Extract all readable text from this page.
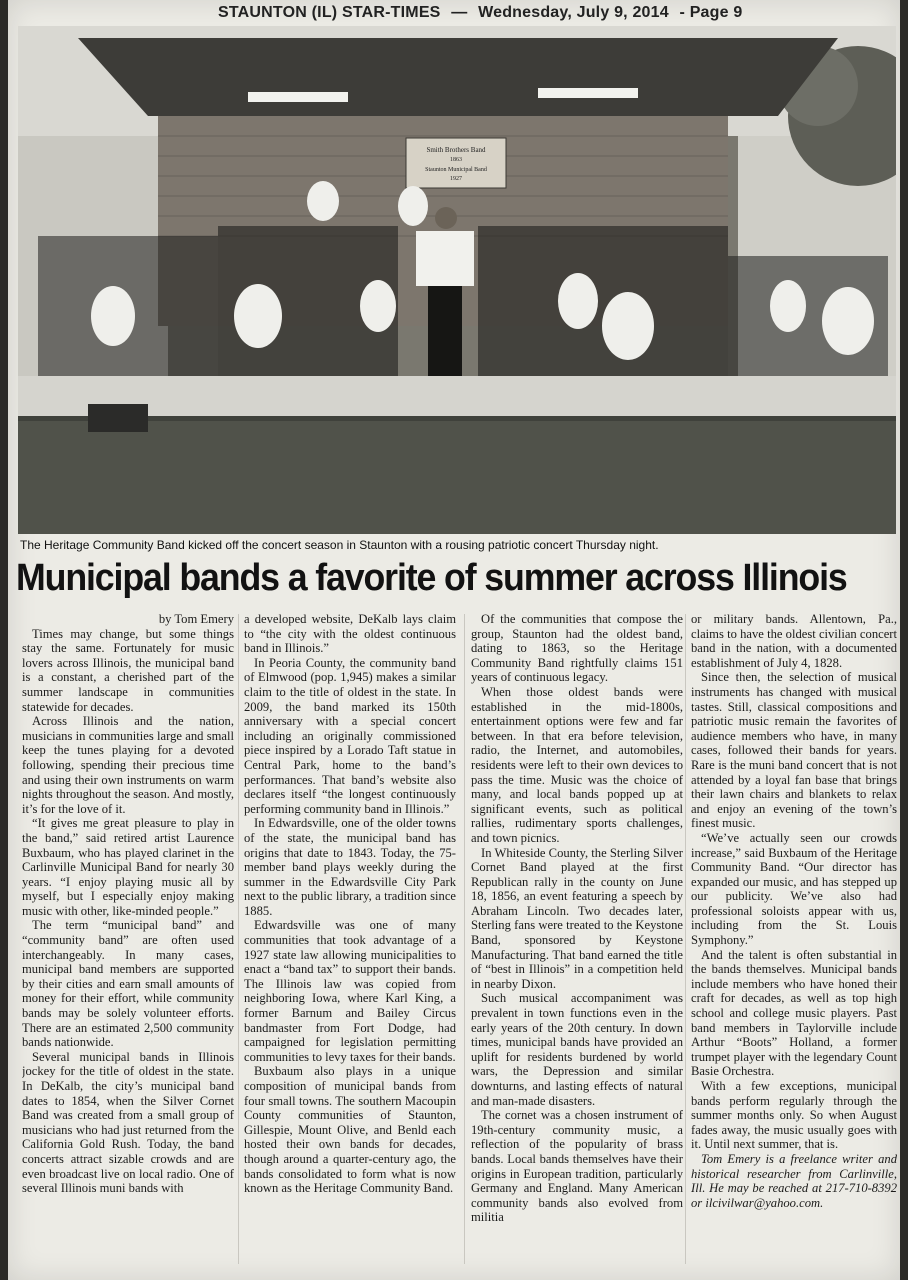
STAUNTON (IL) STAR-TIMES — Wednesday, July 9, 2014 - Page 9
Smith Brothers Band
1863
Staunton Municipal Band
1927
The Heritage Community Band kicked off the concert season in Staunton with a rousing patriotic concert Thursday night.
Municipal bands a favorite of summer across Illinois

by Tom Emery

Times may change, but some things stay the same. Fortunately for music lovers across Illinois, the municipal band is a constant, a cherished part of the summer landscape in communities statewide for decades.

Across Illinois and the nation, musicians in communities large and small keep the tunes playing for a devoted following, spending their precious time and using their own instruments on warm nights throughout the season. And mostly, it’s for the love of it.

“It gives me great pleasure to play in the band,” said retired artist Laurence Buxbaum, who has played clarinet in the Carlinville Municipal Band for nearly 30 years. “I enjoy playing music all by myself, but I especially enjoy making music with other, like-minded people.”

The term “municipal band” and “community band” are often used interchangeably. In many cases, municipal band members are supported by their cities and earn small amounts of money for their effort, while community bands may be solely volunteer efforts. There are an estimated 2,500 community bands nationwide.

Several municipal bands in Illinois jockey for the title of oldest in the state. In DeKalb, the city’s municipal band dates to 1854, when the Silver Cornet Band was created from a small group of musicians who had just returned from the California Gold Rush. Today, the band concerts attract sizable crowds and are even broadcast live on local radio. One of several Illinois muni bands with

a developed website, DeKalb lays claim to “the city with the oldest continuous band in Illinois.”

In Peoria County, the community band of Elmwood (pop. 1,945) makes a similar claim to the title of oldest in the state. In 2009, the band marked its 150th anniversary with a special concert including an originally commissioned piece inspired by a Lorado Taft statue in Central Park, home to the band’s performances. That band’s website also declares itself “the longest continuously performing community band in Illinois.”

In Edwardsville, one of the older towns of the state, the municipal band has origins that date to 1843. Today, the 75-member band plays weekly during the summer in the Edwardsville City Park next to the public library, a tradition since 1885.

Edwardsville was one of many communities that took advantage of a 1927 state law allowing municipalities to enact a “band tax” to support their bands. The Illinois law was copied from neighboring Iowa, where Karl King, a former Barnum and Bailey Circus bandmaster from Fort Dodge, had campaigned for legislation permitting communities to levy taxes for their bands.

Buxbaum also plays in a unique composition of municipal bands from four small towns. The southern Macoupin County communities of Staunton, Gillespie, Mount Olive, and Benld each hosted their own bands for decades, though around a quarter-century ago, the bands consolidated to form what is now known as the Heritage Community Band.

Of the communities that compose the group, Staunton had the oldest band, dating to 1863, so the Heritage Community Band rightfully claims 151 years of continuous legacy.

When those oldest bands were established in the mid-1800s, entertainment options were few and far between. In that era before television, radio, the Internet, and automobiles, residents were left to their own devices to pass the time. Music was the choice of many, and local bands popped up at significant events, such as political rallies, rudimentary sports challenges, and town picnics.

In Whiteside County, the Sterling Silver Cornet Band played at the first Republican rally in the county on June 18, 1856, an event featuring a speech by Abraham Lincoln. Two decades later, Sterling fans were treated to the Keystone Band, sponsored by Keystone Manufacturing. That band earned the title of “best in Illinois” in a competition held in nearby Dixon.

Such musical accompaniment was prevalent in town functions even in the early years of the 20th century. In down times, municipal bands have provided an uplift for residents burdened by world wars, the Depression and similar downturns, and lasting effects of natural and man-made disasters.

The cornet was a chosen instrument of 19th-century community music, a reflection of the popularity of brass bands. Local bands themselves have their origins in European tradition, particularly Germany and England. Many American community bands also evolved from militia

or military bands. Allentown, Pa., claims to have the oldest civilian concert band in the nation, with a documented establishment of July 4, 1828.

Since then, the selection of musical instruments has changed with musical tastes. Still, classical compositions and patriotic music remain the favorites of audience members who have, in many cases, followed their bands for years. Rare is the muni band concert that is not attended by a loyal fan base that brings their lawn chairs and blankets to relax and enjoy an evening of the town’s finest music.

“We’ve actually seen our crowds increase,” said Buxbaum of the Heritage Community Band. “Our director has expanded our music, and has stepped up our publicity. We’ve also had professional soloists appear with us, including from the St. Louis Symphony.”

And the talent is often substantial in the bands themselves. Municipal bands include members who have honed their craft for decades, as well as top high school and college music players. Past band members in Taylorville include Arthur “Boots” Holland, a former trumpet player with the legendary Count Basie Orchestra.

With a few exceptions, municipal bands perform regularly through the summer months only. So when August fades away, the music usually goes with it. Until next summer, that is.

Tom Emery is a freelance writer and historical researcher from Carlinville, Ill. He may be reached at 217-710-8392 or ilcivilwar@yahoo.com.
